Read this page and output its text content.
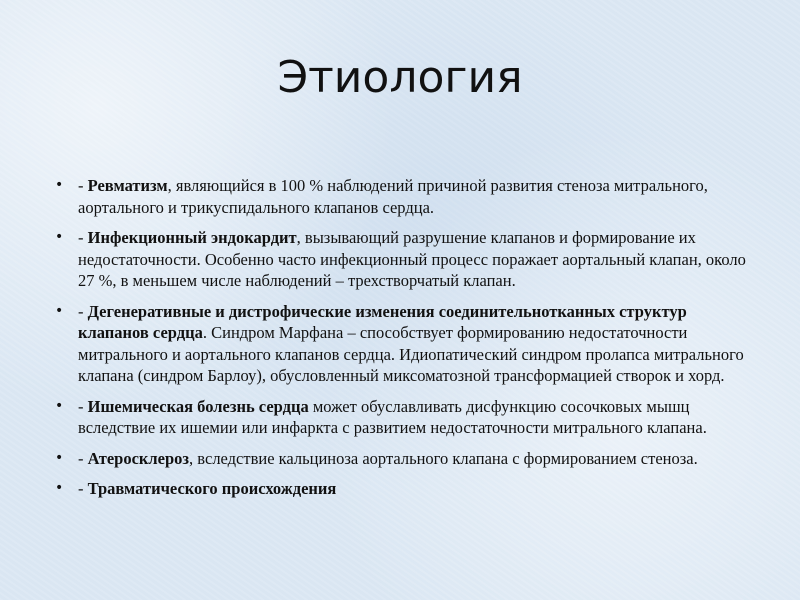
Этиология
• - Ревматизм, являющийся в 100 % наблюдений причиной развития стеноза митрального, аортального и трикуспидального клапанов сердца.
• - Инфекционный эндокардит, вызывающий разрушение клапанов и формирование их недостаточности. Особенно часто инфекционный процесс поражает аортальный клапан, около 27 %, в меньшем числе наблюдений – трехстворчатый клапан.
• - Дегенеративные и дистрофические изменения соединительнотканных структур клапанов сердца. Синдром Марфана – способствует формированию недостаточности митрального и аортального клапанов сердца. Идиопатический синдром пролапса митрального клапана (синдром Барлоу), обусловленный миксоматозной трансформацией створок и хорд.
• - Ишемическая болезнь сердца может обуславливать дисфункцию сосочковых мышц вследствие их ишемии или инфаркта с развитием недостаточности митрального клапана.
• - Атеросклероз, вследствие кальциноза аортального клапана с формированием стеноза.
• - Травматического происхождения
